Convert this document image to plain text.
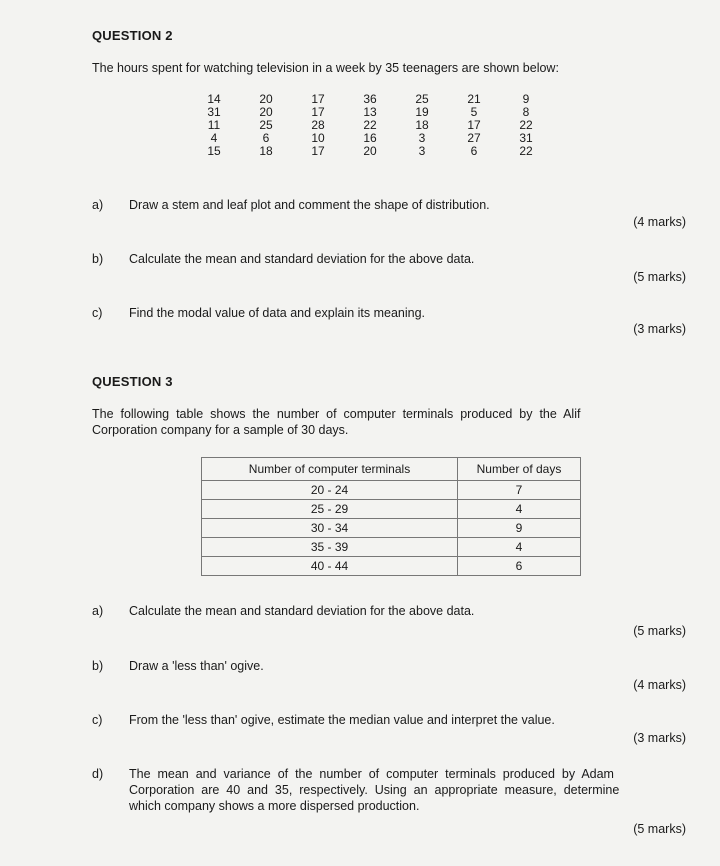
QUESTION 2
The hours spent for watching television in a week by 35 teenagers are shown below:
14	20	17	36	25	21	9
31	20	17	13	19	5	8
11	25	28	22	18	17	22
4	6	10	16	3	27	31
15	18	17	20	3	6	22
a) Draw a stem and leaf plot and comment the shape of distribution.
(4 marks)
b) Calculate the mean and standard deviation for the above data.
(5 marks)
c) Find the modal value of data and explain its meaning.
(3 marks)
QUESTION 3
The  following  table  shows  the  number  of  computer  terminals  produced  by  the  Alif
Corporation company for a sample of 30 days.
Number of computer terminals	Number of days
20 - 24	7
25 - 29	4
30 - 34	9
35 - 39	4
40 - 44	6
a) Calculate the mean and standard deviation for the above data.
(5 marks)
b) Draw a 'less than' ogive.
(4 marks)
c) From the 'less than' ogive, estimate the median value and interpret the value.
(3 marks)
d) The  mean  and  variance  of  the  number  of  computer  terminals  produced  by  Adam
Corporation  are  40  and  35,  respectively.  Using  an  appropriate  measure,  determine
which company shows a more dispersed production.
(5 marks)
